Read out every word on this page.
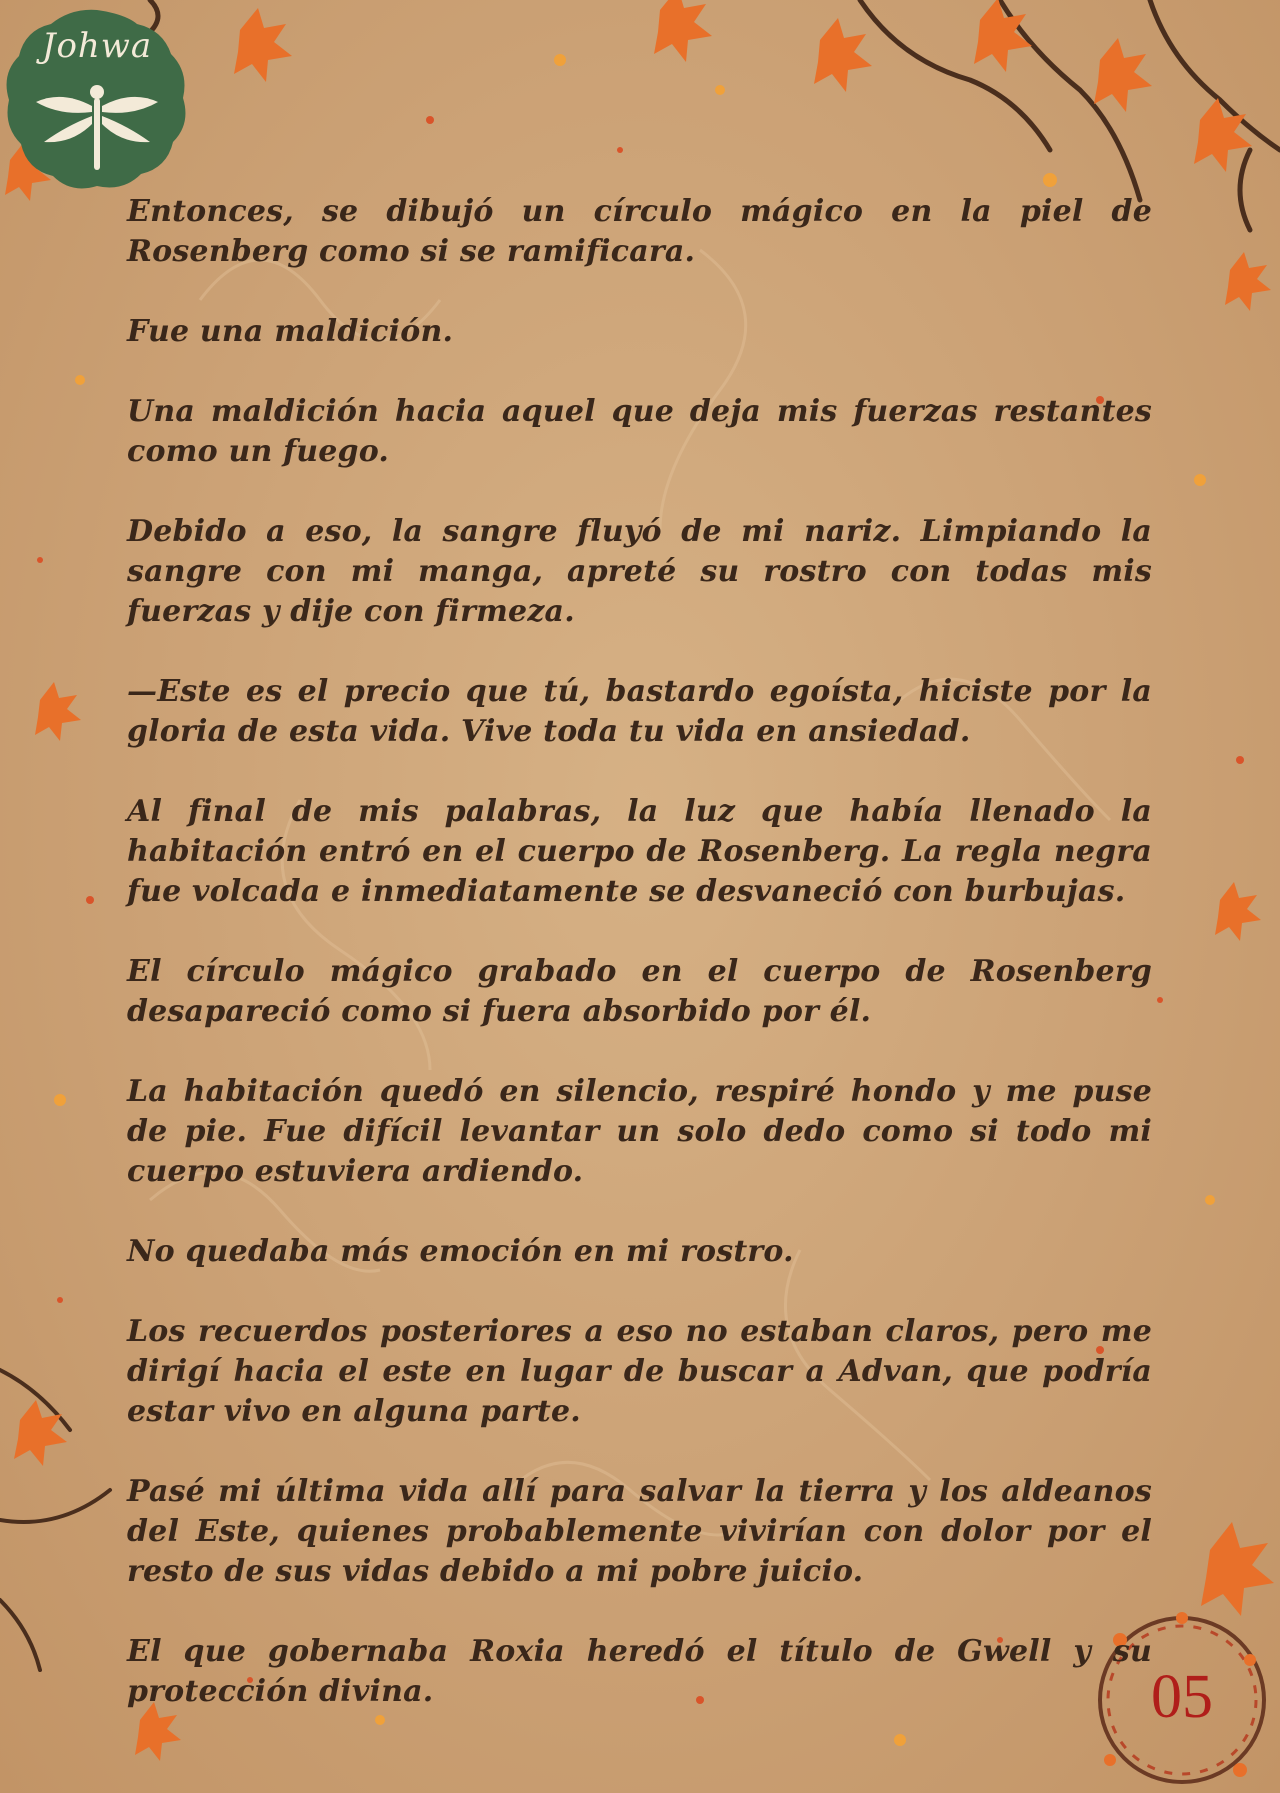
Johwa

Entonces, se dibujó un círculo mágico en la piel de Rosenberg como si se ramificara.

Fue una maldición.

Una maldición hacia aquel que deja mis fuerzas restantes como un fuego.

Debido a eso, la sangre fluyó de mi nariz. Limpiando la sangre con mi manga, apreté su rostro con todas mis fuerzas y dije con firmeza.

—Este es el precio que tú, bastardo egoísta, hiciste por la gloria de esta vida. Vive toda tu vida en ansiedad.

Al final de mis palabras, la luz que había llenado la habitación entró en el cuerpo de Rosenberg. La regla negra fue volcada e inmediatamente se desvaneció con burbujas.

El círculo mágico grabado en el cuerpo de Rosenberg desapareció como si fuera absorbido por él.

La habitación quedó en silencio, respiré hondo y me puse de pie. Fue difícil levantar un solo dedo como si todo mi cuerpo estuviera ardiendo.

No quedaba más emoción en mi rostro.

Los recuerdos posteriores a eso no estaban claros, pero me dirigí hacia el este en lugar de buscar a Advan, que podría estar vivo en alguna parte.

Pasé mi última vida allí para salvar la tierra y los aldeanos del Este, quienes probablemente vivirían con dolor por el resto de sus vidas debido a mi pobre juicio.

El que gobernaba Roxia heredó el título de Gwell y su protección divina.	05
